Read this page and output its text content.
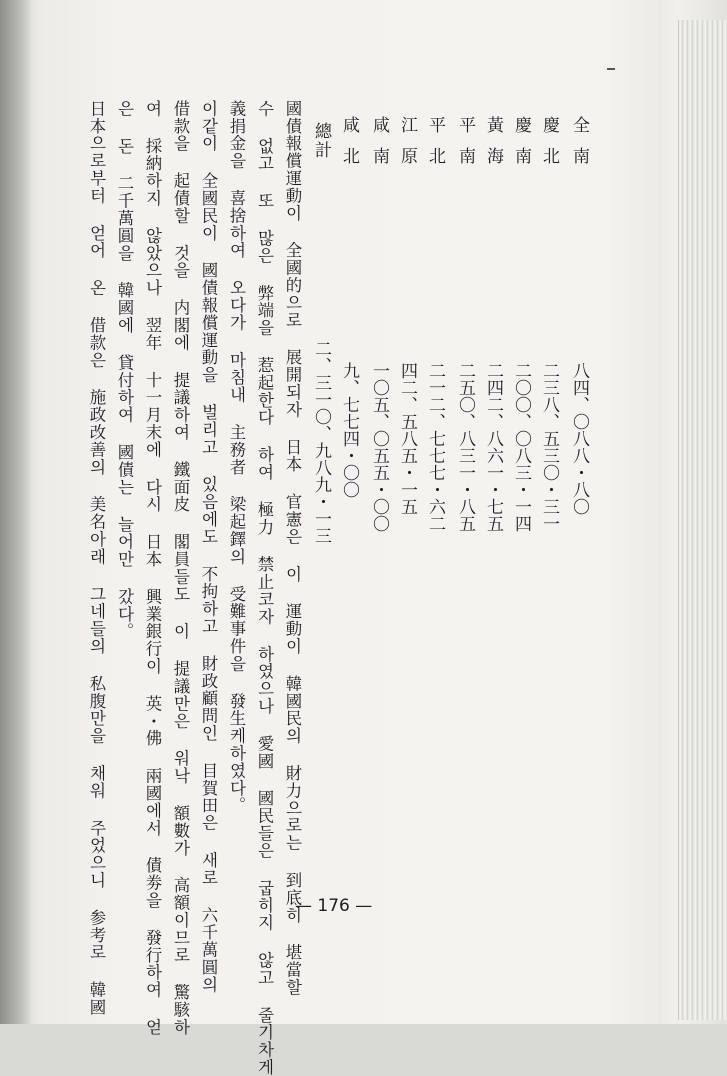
全南
八四、〇八八・八〇
慶北
二三八、五三〇・三一
慶南
二〇〇、〇八三・一四
黃海
二四二、八六一・七五
平南
二五〇、八三一・八五
平北
二一二、七七七・六二
江原
四二、五八五・一五
咸南
一〇五、〇五五・〇〇
咸北
九、七七四・〇〇
總計
二、三一〇、九八九・一三
國債報償運動이 全國的으로 展開되자 日本 官憲은 이 運動이 韓國民의 財力으로는 到底히 堪當할
수 없고 또 많은 弊端을 惹起한다 하여 極力 禁止코자 하였으나 愛國 國民들은 굽히지 않고 줄기차게
義捐金을 喜捨하여 오다가 마침내 主務者 梁起鐸의 受難事件을 發生케하였다。
이같이 全國民이 國債報償運動을 벌리고 있음에도 不拘하고 財政顧問인 目賀田은 새로 六千萬圓의
借款을 起債할 것을 内閣에 提議하여 鐵面皮 閣員들도 이 提議만은 워낙 額數가 高額이므로 驚駭하
여 採納하지 않았으나 翌年 十一月末에 다시 日本 興業銀行이 英・佛 兩國에서 債劵을 發行하여 얻
은 돈 二千萬圓을 韓國에 貸付하여 國債는 늘어만 갔다。
日本으로부터 얻어 온 借款은 施政改善의 美名아래 그네들의 私腹만을 채워 주었으니 参考로 韓國	— 176 —
